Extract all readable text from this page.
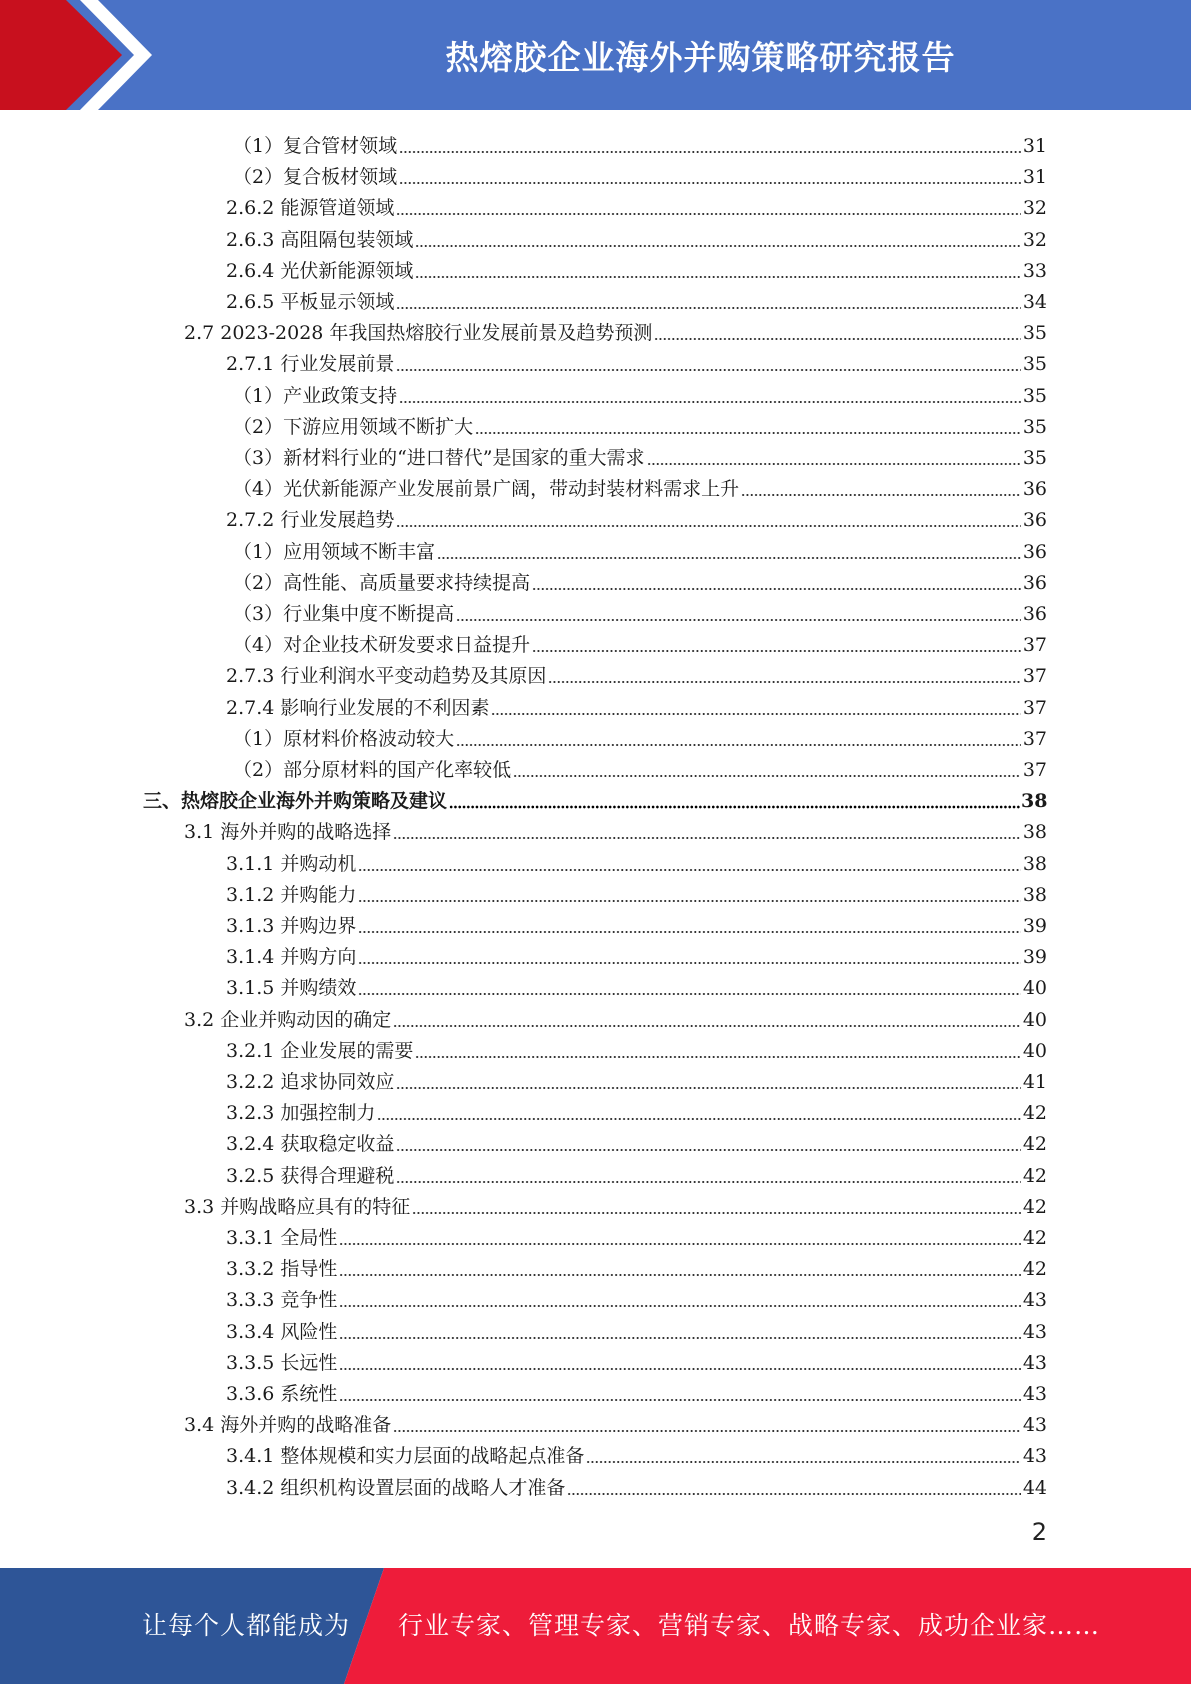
热熔胶企业海外并购策略研究报告
（1）复合管材领域	31
（2）复合板材领域	31
2.6.2 能源管道领域	32
2.6.3 高阻隔包装领域	32
2.6.4 光伏新能源领域	33
2.6.5 平板显示领域	34
2.7 2023-2028 年我国热熔胶行业发展前景及趋势预测	35
2.7.1 行业发展前景	35
（1）产业政策支持	35
（2）下游应用领域不断扩大	35
（3）新材料行业的“进口替代”是国家的重大需求	35
（4）光伏新能源产业发展前景广阔，带动封装材料需求上升	36
2.7.2 行业发展趋势	36
（1）应用领域不断丰富	36
（2）高性能、高质量要求持续提高	36
（3）行业集中度不断提高	36
（4）对企业技术研发要求日益提升	37
2.7.3 行业利润水平变动趋势及其原因	37
2.7.4 影响行业发展的不利因素	37
（1）原材料价格波动较大	37
（2）部分原材料的国产化率较低	37
三、热熔胶企业海外并购策略及建议	38
3.1 海外并购的战略选择	38
3.1.1 并购动机	38
3.1.2 并购能力	38
3.1.3 并购边界	39
3.1.4 并购方向	39
3.1.5 并购绩效	40
3.2 企业并购动因的确定	40
3.2.1 企业发展的需要	40
3.2.2 追求协同效应	41
3.2.3 加强控制力	42
3.2.4 获取稳定收益	42
3.2.5 获得合理避税	42
3.3 并购战略应具有的特征	42
3.3.1 全局性	42
3.3.2 指导性	42
3.3.3 竞争性	43
3.3.4 风险性	43
3.3.5 长远性	43
3.3.6 系统性	43
3.4 海外并购的战略准备	43
3.4.1 整体规模和实力层面的战略起点准备	43
3.4.2 组织机构设置层面的战略人才准备	44
2
让每个人都能成为 行业专家、管理专家、营销专家、战略专家、成功企业家……
